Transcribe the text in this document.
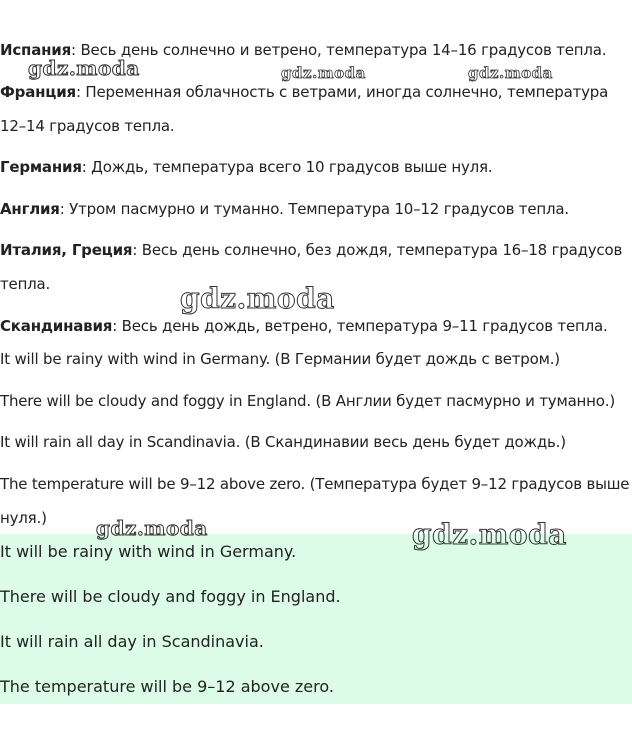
Испания: Весь день солнечно и ветрено, температура 14–16 градусов тепла.
Франция: Переменная облачность с ветрами, иногда солнечно, температура
12–14 градусов тепла.
Германия: Дождь, температура всего 10 градусов выше нуля.
Англия: Утром пасмурно и туманно. Температура 10–12 градусов тепла.
Италия, Греция: Весь день солнечно, без дождя, температура 16–18 градусов
тепла.
Скандинавия: Весь день дождь, ветрено, температура 9–11 градусов тепла.
It will be rainy with wind in Germany. (В Германии будет дождь с ветром.)
There will be cloudy and foggy in England. (В Англии будет пасмурно и туманно.)
It will rain all day in Scandinavia. (В Скандинавии весь день будет дождь.)
The temperature will be 9–12 above zero. (Температура будет 9–12 градусов выше
нуля.)
It will be rainy with wind in Germany.
There will be cloudy and foggy in England.
It will rain all day in Scandinavia.
The temperature will be 9–12 above zero.
gdz.moda	gdz.moda	gdz.moda
gdz.moda
gdz.moda	gdz.moda
